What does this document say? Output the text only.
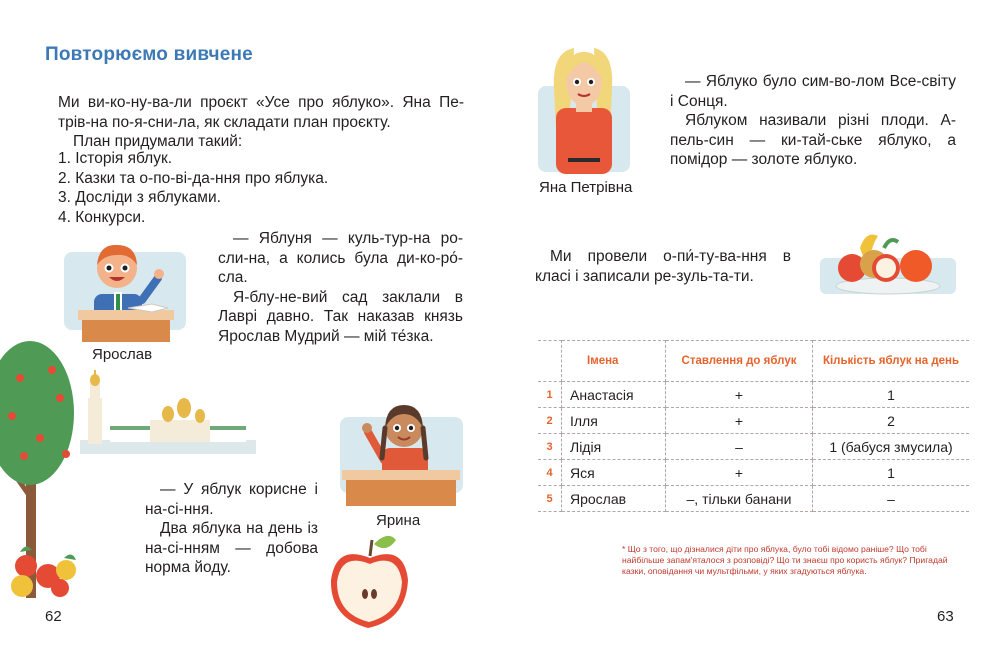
Повторюємо вивчене

Ми ви-ко-ну-ва-ли проєкт «Усе про яблуко». Яна Пе-трів-на по-я-сни-ла, як складати план проєкту.

План придумали такий:

1. Історія яблук.
2. Казки та о-по-ві-да-ння про яблука.
3. Досліди з яблуками.
4. Конкурси.
Ярослав

— Яблуня — куль-тур-на ро-сли-на, а колись була ди-ко-ро́-сла.

Я-блу-не-вий сад заклали в Лаврі давно. Так наказав князь Ярослав Мудрий — мій те́зка.

— У яблук корисне і на-сі-ння.

Два яблука на день із на-сі-нням — добова норма йоду.

Ярина
62
Яна Петрівна

— Яблуко було сим-во-лом Все-світу і Сонця.

Яблуком називали різні плоди. А-пель-син — ки-тай-ське яблуко, а помідор — золоте яблуко.

Ми провели о-пи́-ту-ва-ння в класі і записали ре-зуль-та-ти.
	Імена	Ставлення до яблук	Кількість яблук на день
1	Анастасія	+	1
2	Ілля	+	2
3	Лідія	–	1 (бабуся змусила)
4	Яся	+	1
5	Ярослав	–, тільки банани	–
* Що з того, що дізналися діти про яблука, було тобі відомо раніше? Що тобі найбільше запам'яталося з розповіді? Що ти знаєш про користь яблук? Пригадай казки, оповідання чи мультфільми, у яких згадуються яблука.
63
